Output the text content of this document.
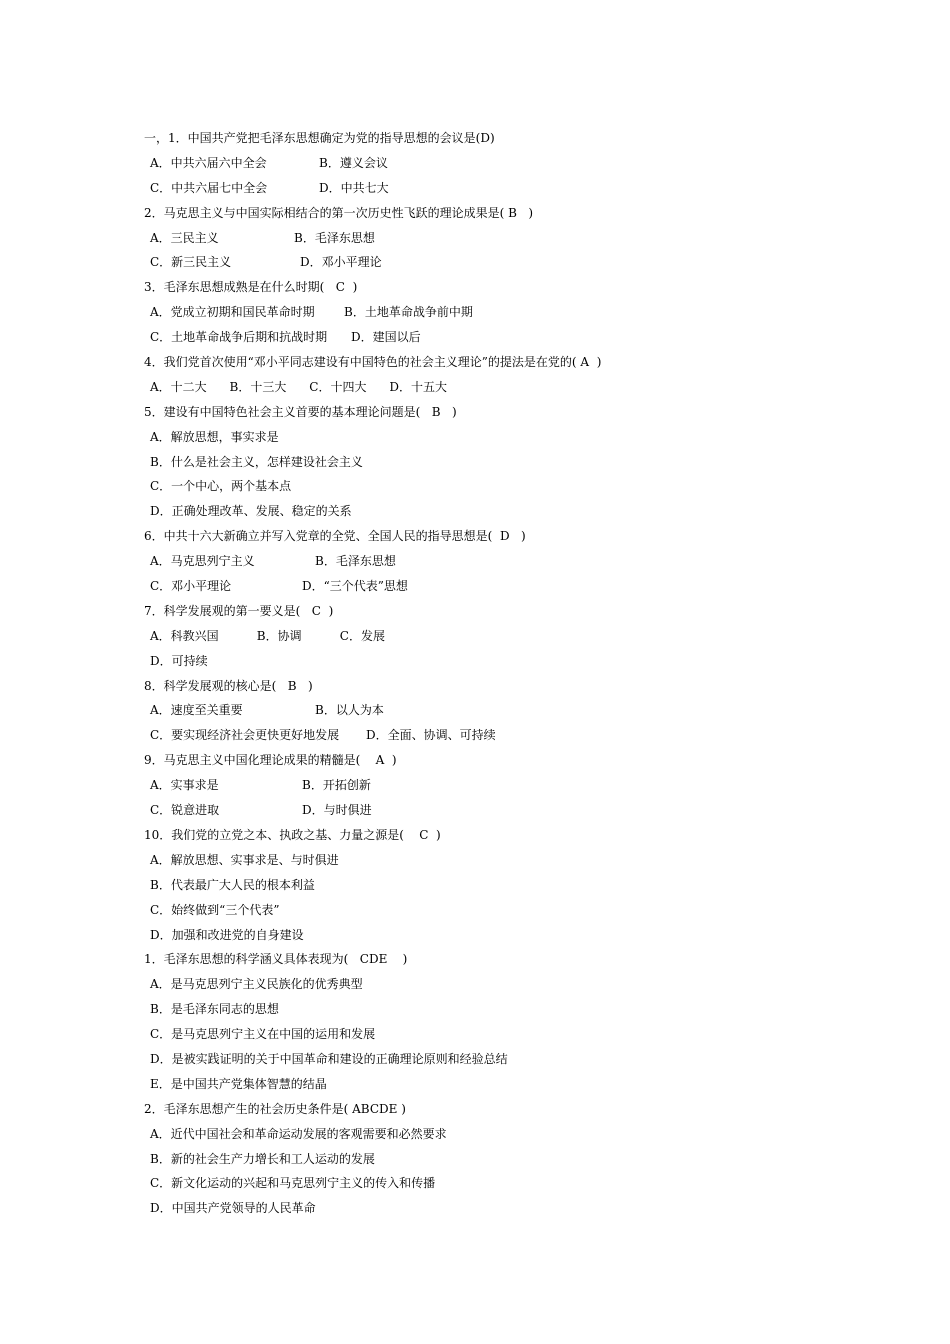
一，1．中国共产党把毛泽东思想确定为党的指导思想的会议是(D)
A．中共六届六中全会	B．遵义会议
C．中共六届七中全会	D．中共七大
2．马克思主义与中国实际相结合的第一次历史性飞跃的理论成果是( B   )
A．三民主义	B．毛泽东思想
C．新三民主义	D．邓小平理论
3．毛泽东思想成熟是在什么时期(   C  )
A．党成立初期和国民革命时期 B．土地革命战争前中期
C．土地革命战争后期和抗战时期 D．建国以后
4．我们党首次使用“邓小平同志建设有中国特色的社会主义理论”的提法是在党的( A  )
A．十二大      B．十三大      C．十四大      D．十五大
5．建设有中国特色社会主义首要的基本理论问题是(   B   )
A．解放思想，事实求是
B．什么是社会主义，怎样建设社会主义
C．一个中心，两个基本点
D．正确处理改革、发展、稳定的关系
6．中共十六大新确立并写入党章的全党、全国人民的指导思想是(  D   )
A．马克思列宁主义	B．毛泽东思想
C．邓小平理论	D．“三个代表”思想
7．科学发展观的第一要义是(   C  )
A．科教兴国          B．协调          C．发展
D．可持续
8．科学发展观的核心是(   B   )
A．速度至关重要	B．以人为本
C．要实现经济社会更快更好地发展 D．全面、协调、可持续
9．马克思主义中国化理论成果的精髓是(    A  )
A．实事求是	B．开拓创新
C．锐意进取	D．与时俱进
10．我们党的立党之本、执政之基、力量之源是(    C  )
A．解放思想、实事求是、与时俱进
B．代表最广大人民的根本利益
C．始终做到“三个代表”
D．加强和改进党的自身建设
1．毛泽东思想的科学涵义具体表现为(   CDE    )
A．是马克思列宁主义民族化的优秀典型
B．是毛泽东同志的思想
C．是马克思列宁主义在中国的运用和发展
D．是被实践证明的关于中国革命和建设的正确理论原则和经验总结
E．是中国共产党集体智慧的结晶
2．毛泽东思想产生的社会历史条件是( ABCDE )
A．近代中国社会和革命运动发展的客观需要和必然要求
B．新的社会生产力增长和工人运动的发展
C．新文化运动的兴起和马克思列宁主义的传入和传播
D．中国共产党领导的人民革命
